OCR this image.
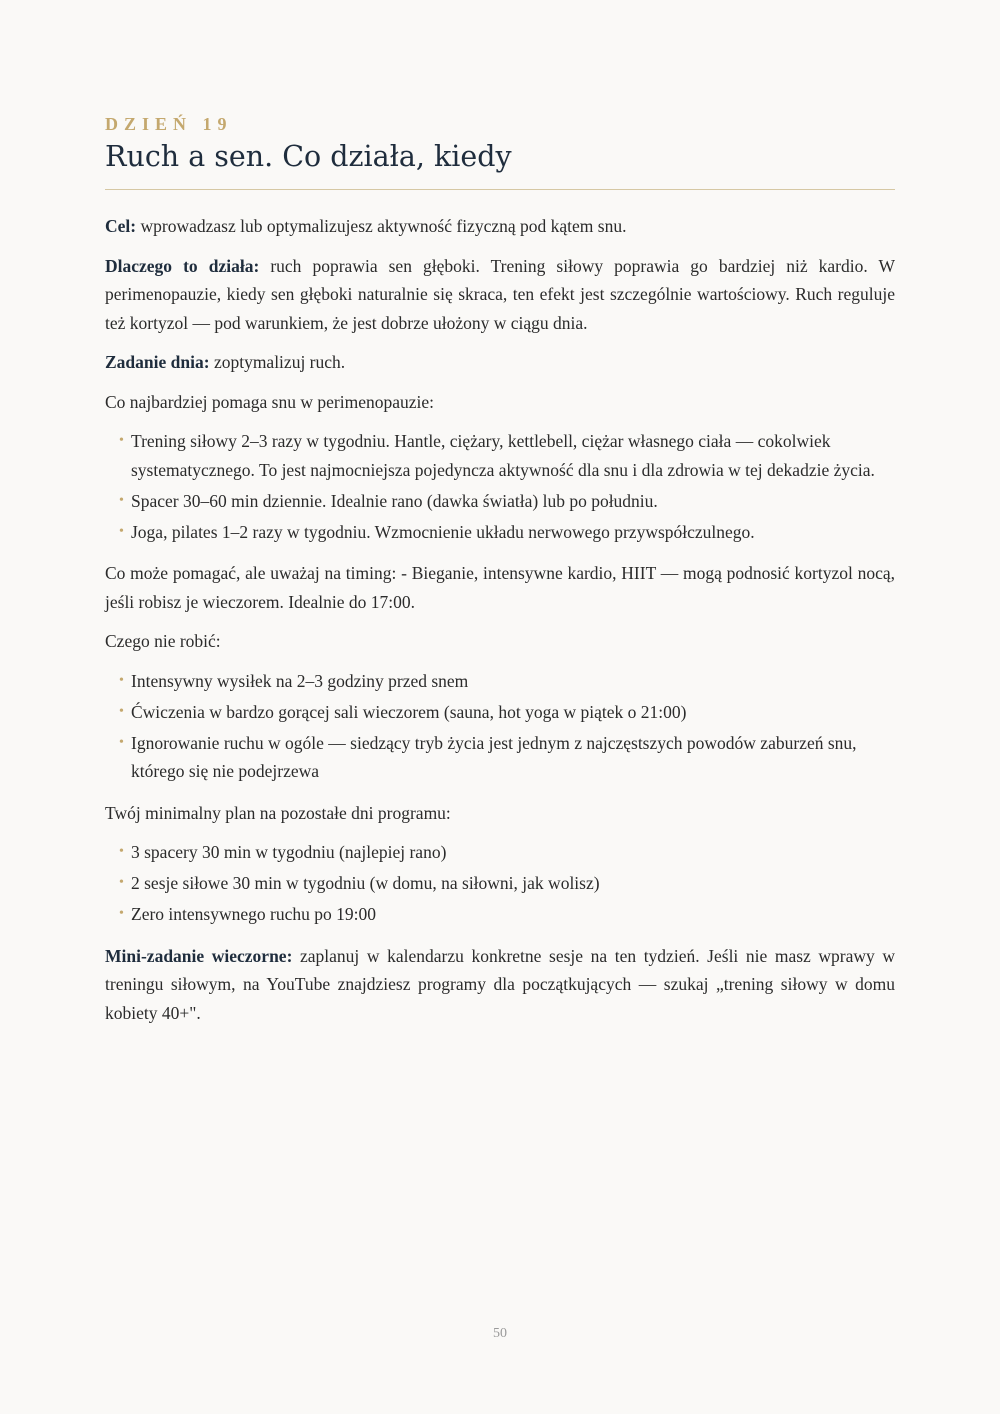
DZIEŃ 19
Ruch a sen. Co działa, kiedy

Cel: wprowadzasz lub optymalizujesz aktywność fizyczną pod kątem snu.

Dlaczego to działa: ruch poprawia sen głęboki. Trening siłowy poprawia go bardziej niż kardio. W perimenopauzie, kiedy sen głęboki naturalnie się skraca, ten efekt jest szczególnie wartościowy. Ruch reguluje też kortyzol — pod warunkiem, że jest dobrze ułożony w ciągu dnia.

Zadanie dnia: zoptymalizuj ruch.

Co najbardziej pomaga snu w perimenopauzie:

• Trening siłowy 2–3 razy w tygodniu. Hantle, ciężary, kettlebell, ciężar własnego ciała — cokolwiek systematycznego. To jest najmocniejsza pojedyncza aktywność dla snu i dla zdrowia w tej dekadzie życia.
• Spacer 30–60 min dziennie. Idealnie rano (dawka światła) lub po południu.
• Joga, pilates 1–2 razy w tygodniu. Wzmocnienie układu nerwowego przywspółczulnego.

Co może pomagać, ale uważaj na timing: - Bieganie, intensywne kardio, HIIT — mogą podnosić kortyzol nocą, jeśli robisz je wieczorem. Idealnie do 17:00.

Czego nie robić:

• Intensywny wysiłek na 2–3 godziny przed snem
• Ćwiczenia w bardzo gorącej sali wieczorem (sauna, hot yoga w piątek o 21:00)
• Ignorowanie ruchu w ogóle — siedzący tryb życia jest jednym z najczęstszych powodów zaburzeń snu, którego się nie podejrzewa

Twój minimalny plan na pozostałe dni programu:

• 3 spacery 30 min w tygodniu (najlepiej rano)
• 2 sesje siłowe 30 min w tygodniu (w domu, na siłowni, jak wolisz)
• Zero intensywnego ruchu po 19:00

Mini-zadanie wieczorne: zaplanuj w kalendarzu konkretne sesje na ten tydzień. Jeśli nie masz wprawy w treningu siłowym, na YouTube znajdziesz programy dla początkujących — szukaj „trening siłowy w domu kobiety 40+".

50
